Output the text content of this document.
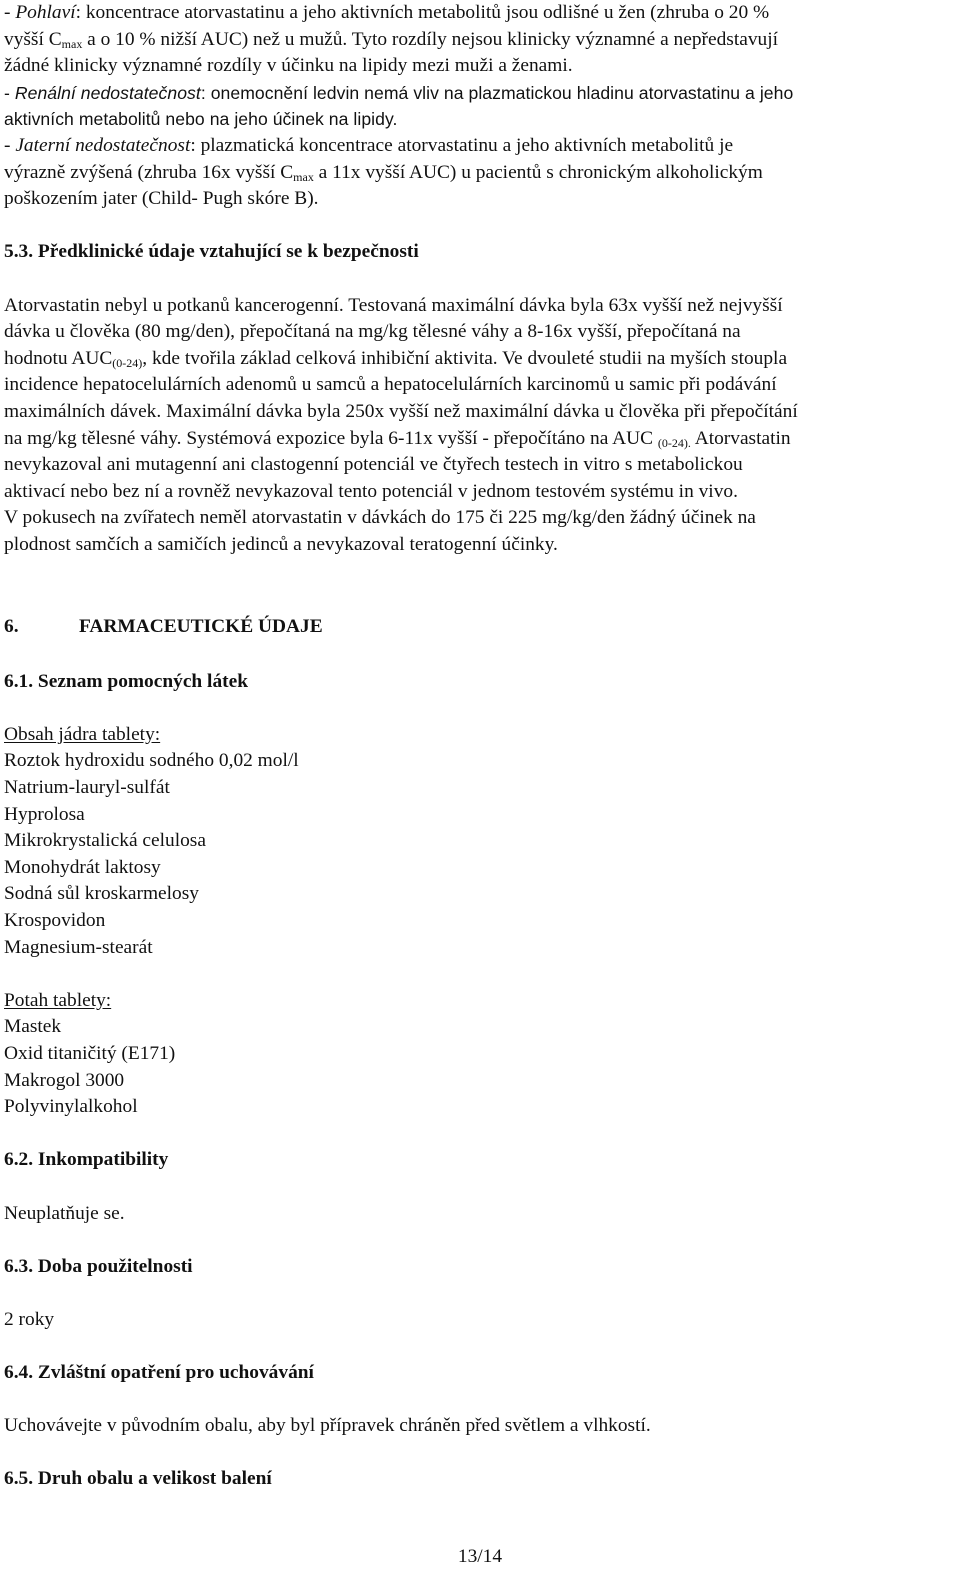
- Pohlaví: koncentrace atorvastatinu a jeho aktivních metabolitů jsou odlišné u žen (zhruba o 20 %

vyšší $C_{max}$ a o 10 % nižší AUC) než u mužů. Tyto rozdíly nejsou klinicky významné a nepředstavují

žádné klinicky významné rozdíly v účinku na lipidy mezi muži a ženami.

- Renální nedostatečnost: onemocnění ledvin nemá vliv na plazmatickou hladinu atorvastatinu a jeho

aktivních metabolitů nebo na jeho účinek na lipidy.

- Jaterní nedostatečnost: plazmatická koncentrace atorvastatinu a jeho aktivních metabolitů je

výrazně zvýšená (zhruba 16x vyšší $C_{max}$ a 11x vyšší AUC) u pacientů s chronickým alkoholickým

poškozením jater (Child- Pugh skóre B).

5.3. Předklinické údaje vztahující se k bezpečnosti

Atorvastatin nebyl u potkanů kancerogenní. Testovaná maximální dávka byla 63x vyšší než nejvyšší

dávka u člověka (80 mg/den), přepočítaná na mg/kg tělesné váhy a 8-16x vyšší, přepočítaná na

hodnotu $AUC_{(0-24)}$, kde tvořila základ celková inhibiční aktivita. Ve dvouleté studii na myších stoupla

incidence hepatocelulárních adenomů u samců a hepatocelulárních karcinomů u samic při podávání

maximálních dávek. Maximální dávka byla 250x vyšší než maximální dávka u člověka při přepočítání

na mg/kg tělesné váhy. Systémová expozice byla 6-11x vyšší - přepočítáno na AUC $_{(0-24).}$ Atorvastatin

nevykazoval ani mutagenní ani clastogenní potenciál ve čtyřech testech in vitro s metabolickou

aktivací nebo bez ní a rovněž nevykazoval tento potenciál v jednom testovém systému in vivo.

V pokusech na zvířatech neměl atorvastatin v dávkách do 175 či 225 mg/kg/den žádný účinek na

plodnost samčích a samičích jedinců a nevykazoval teratogenní účinky.

6.	FARMACEUTICKÉ ÚDAJE

6.1. Seznam pomocných látek

Obsah jádra tablety:

Roztok hydroxidu sodného 0,02 mol/l

Natrium-lauryl-sulfát

Hyprolosa

Mikrokrystalická celulosa

Monohydrát laktosy

Sodná sůl kroskarmelosy

Krospovidon

Magnesium-stearát

Potah tablety:

Mastek

Oxid titaničitý (E171)

Makrogol 3000

Polyvinylalkohol

6.2. Inkompatibility

Neuplatňuje se.

6.3. Doba použitelnosti

2 roky

6.4. Zvláštní opatření pro uchovávání

Uchovávejte v původním obalu, aby byl přípravek chráněn před světlem a vlhkostí.

6.5. Druh obalu a velikost balení

13/14
